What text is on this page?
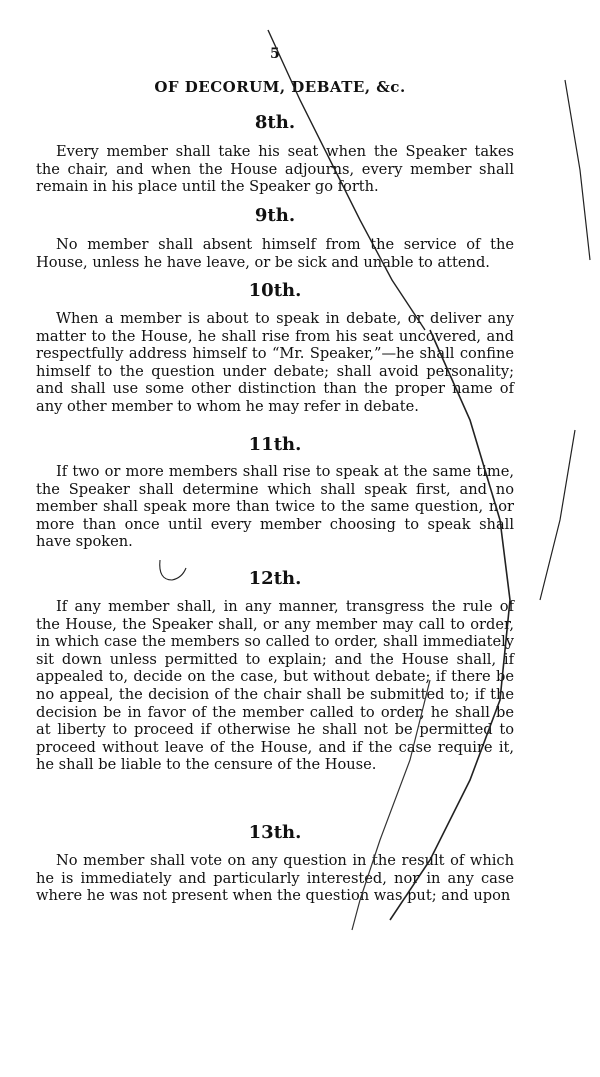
5
OF DECORUM, DEBATE, &c.
8th.
Every member shall take his seat when the Speaker takes the chair, and when the House adjourns, every member shall remain in his place until the Speaker go forth.
9th.
No member shall absent himself from the service of the House, unless he have leave, or be sick and unable to attend.
10th.
When a member is about to speak in debate, or deliver any matter to the House, he shall rise from his seat uncovered, and respectfully address himself to “Mr. Speaker,”—he shall confine himself to the question under debate; shall avoid personality; and shall use some other distinction than the proper name of any other member to whom he may refer in debate.
11th.
If two or more members shall rise to speak at the same time, the Speaker shall determine which shall speak first, and no member shall speak more than twice to the same question, nor more than once until every member choosing to speak shall have spoken.
12th.
If any member shall, in any manner, transgress the rule of the House, the Speaker shall, or any member may call to order, in which case the members so called to order, shall immediately sit down unless permitted to explain; and the House shall, if appealed to, decide on the case, but without debate; if there be no appeal, the decision of the chair shall be submitted to; if the decision be in favor of the member called to order, he shall be at liberty to proceed if otherwise he shall not be permitted to proceed without leave of the House, and if the case require it, he shall be liable to the censure of the House.
13th.
No member shall vote on any question in the result of which he is immediately and particularly interested, nor in any case where he was not present when the question was put; and upon
